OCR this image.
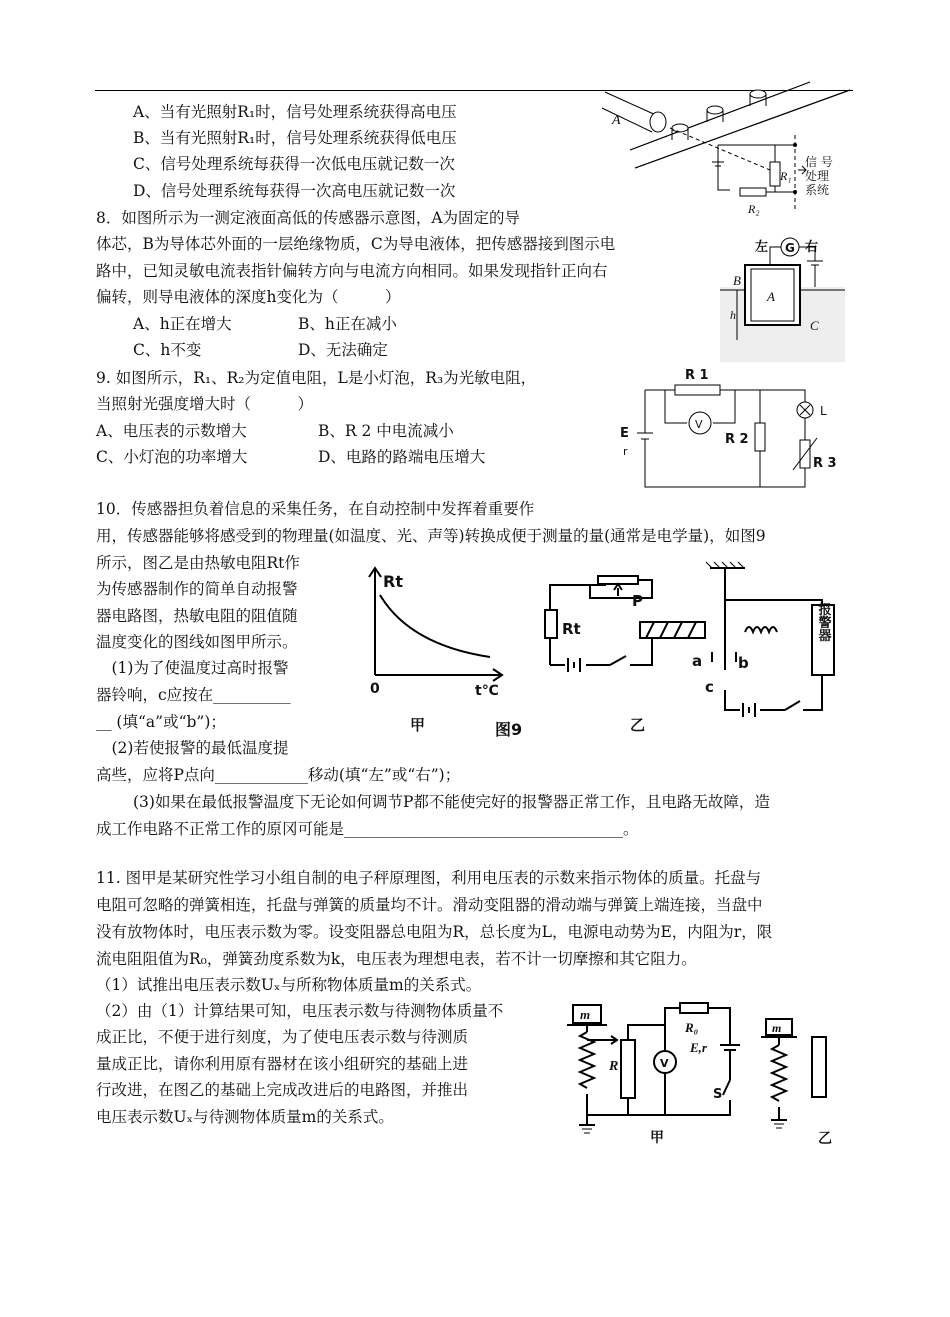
A、当有光照射R₁时，信号处理系统获得高电压
B、当有光照射R₁时，信号处理系统获得低电压
C、信号处理系统每获得一次低电压就记数一次
D、信号处理系统每获得一次高电压就记数一次
A
R₁
R₂
信 号
处理
系统
8．如图所示为一测定液面高低的传感器示意图，A为固定的导
体芯，B为导体芯外面的一层绝缘物质，C为导电液体，把传感器接到图示电
路中，已知灵敏电流表指针偏转方向与电流方向相同。如果发现指针正向右
偏转，则导电液体的深度h变化为（　　　）
A、h正在增大	B、h正在减小
C、h不变	D、无法确定
左 G 右
A
B
C
h
9. 如图所示，R₁、R₂为定值电阻，L是小灯泡，R₃为光敏电阻，
当照射光强度增大时（　　　）
A、电压表的示数增大	B、R 2 中电流减小
C、小灯泡的功率增大	D、电路的路端电压增大
R 1
V
E
r
R 2
L
R 3
10．传感器担负着信息的采集任务，在自动控制中发挥着重要作
用，传感器能够将感受到的物理量(如温度、光、声等)转换成便于测量的量(通常是电学量)，如图9
所示，图乙是由热敏电阻Rt作
为传感器制作的简单自动报警
器电路图，热敏电阻的阻值随
温度变化的图线如图甲所示。
　(1)为了使温度过高时报警
器铃响，c应按在__________
__ (填“a”或“b”)；
　(2)若使报警的最低温度提
高些，应将P点向____________移动(填“左”或“右”)；
(3)如果在最低报警温度下无论如何调节P都不能使完好的报警器正常工作，且电路无故障，造
成工作电路不正常工作的原冈可能是____________________________________。
Rt
0	t℃
甲	图9
Rt
P
a b
c
报警器
乙
11. 图甲是某研究性学习小组自制的电子秤原理图，利用电压表的示数来指示物体的质量。托盘与
电阻可忽略的弹簧相连，托盘与弹簧的质量均不计。滑动变阻器的滑动端与弹簧上端连接，当盘中
没有放物体时，电压表示数为零。设变阻器总电阻为R，总长度为L，电源电动势为E，内阻为r，限
流电阻阻值为R₀，弹簧劲度系数为k，电压表为理想电表，若不计一切摩擦和其它阻力。
（1）试推出电压表示数Uₓ与所称物体质量m的关系式。
（2）由（1）计算结果可知，电压表示数与待测物体质量不
成正比，不便于进行刻度，为了使电压表示数与待测质
量成正比，请你利用原有器材在该小组研究的基础上进
行改进，在图乙的基础上完成改进后的电路图，并推出
电压表示数Uₓ与待测物体质量m的关系式。
m
R
R₀
E,r
S
V
甲
m
乙
